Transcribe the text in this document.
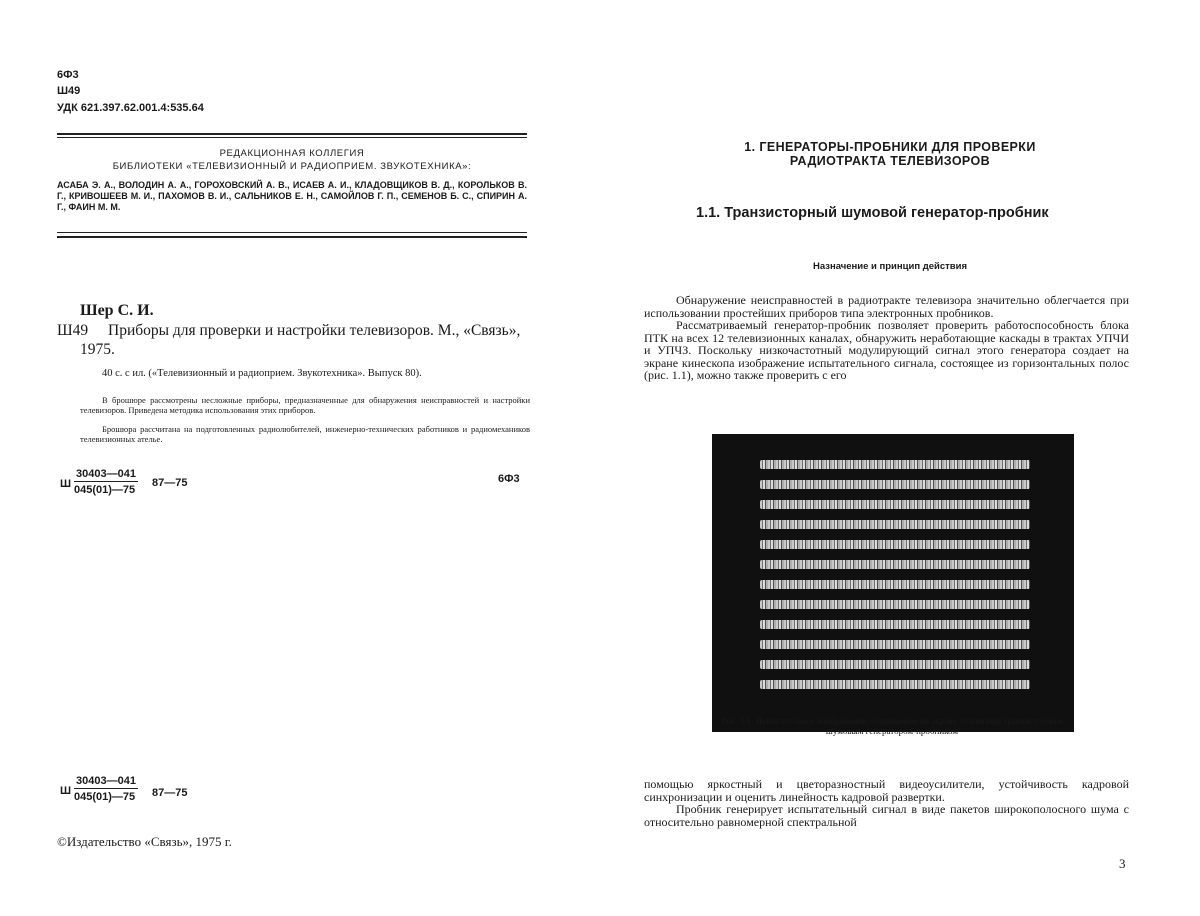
6Ф3
Ш49
УДК 621.397.62.001.4:535.64
РЕДАКЦИОННАЯ КОЛЛЕГИЯ
БИБЛИОТЕКИ «ТЕЛЕВИЗИОННЫЙ И РАДИОПРИЕМ. ЗВУКОТЕХНИКА»:
АСАБА Э. А., ВОЛОДИН А. А., ГОРОХОВСКИЙ А. В., ИСАЕВ А. И., КЛАДОВЩИКОВ В. Д., КОРОЛЬКОВ В. Г., КРИВОШЕЕВ М. И., ПАХОМОВ В. И., САЛЬНИКОВ Е. Н., САМОЙЛОВ Г. П., СЕМЕНОВ Б. С., СПИРИН А. Г., ФАИН М. М.
Шер С. И.
Ш49	Приборы для проверки и настройки телевизоров. М., «Связь», 1975.
40 с. с ил. («Телевизионный и радиоприем. Звукотехника». Выпуск 80).
В брошюре рассмотрены несложные приборы, предназначенные для обнаружения неисправностей и настройки телевизоров. Приведена методика использования этих приборов.
Брошюра рассчитана на подготовленных радиолюбителей, инженерно-технических работников и радиомехаников телевизионных ателье.
Ш $\frac{30403—041}{045(01)—75}$ 87—75	6Ф3
Ш $\frac{30403—041}{045(01)—75}$ 87—75
©Издательство «Связь», 1975 г.
1. ГЕНЕРАТОРЫ-ПРОБНИКИ ДЛЯ ПРОВЕРКИ
РАДИОТРАКТА ТЕЛЕВИЗОРОВ
1.1. Транзисторный шумовой генератор-пробник
Назначение и принцип действия

Обнаружение неисправностей в радиотракте телевизора значительно облегчается при использовании простейших приборов типа электронных пробников.

Рассматриваемый генератор-пробник позволяет проверить работоспособность блока ПТК на всех 12 телевизионных каналах, обнаружить неработающие каскады в трактах УПЧИ и УПЧЗ. Поскольку низкочастотный модулирующий сигнал этого генератора создает на экране кинескопа изображение испытательного сигнала, состоящее из горизонтальных полос (рис. 1.1), можно также проверить с его

Рис. 1.1. Испытательное изображение, создаваемое на экране телевизора транзисторным шумовым генератором-пробником

помощью яркостный и цветоразностный видеоусилители, устойчивость кадровой синхронизации и оценить линейность кадровой развертки.

Пробник генерирует испытательный сигнал в виде пакетов широкополосного шума с относительно равномерной спектральной

3
